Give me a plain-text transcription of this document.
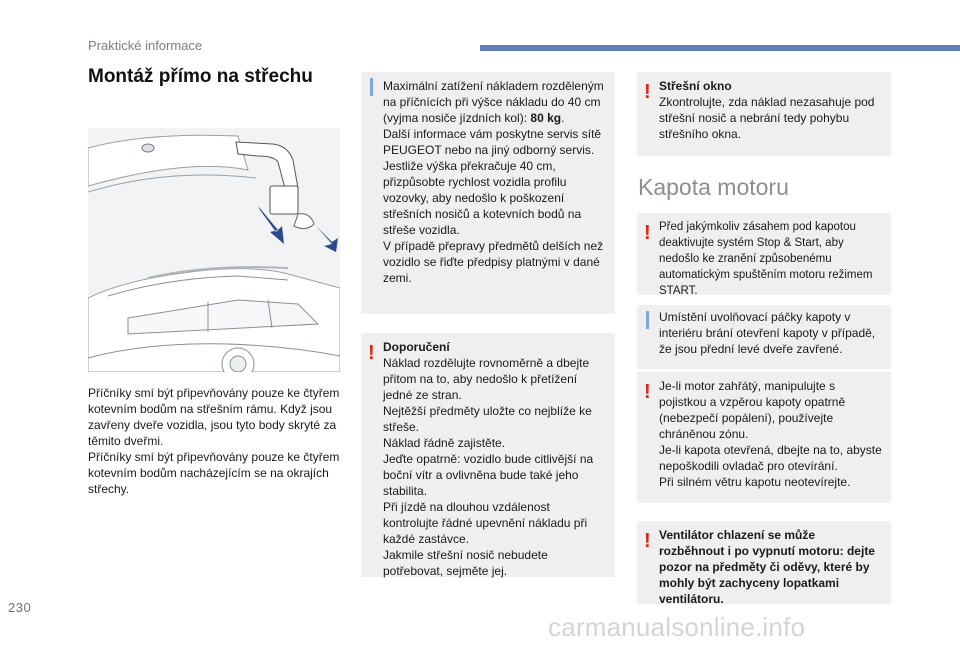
Praktické informace
Montáž přímo na střechu

Příčníky smí být připevňovány pouze ke čtyřem kotevním bodům na střešním rámu. Když jsou zavřeny dveře vozidla, jsou tyto body skryté za těmito dveřmi.

Příčníky smí být připevňovány pouze ke čtyřem kotevním bodům nacházejícím se na okrajích střechy.

Maximální zatížení nákladem rozděleným na příčnících při výšce nákladu do 40 cm (vyjma nosiče jízdních kol): 80 kg.

Další informace vám poskytne servis sítě PEUGEOT nebo na jiný odborný servis.

Jestliže výška překračuje 40 cm, přizpůsobte rychlost vozidla profilu vozovky, aby nedošlo k poškození střešních nosičů a kotevních bodů na střeše vozidla.

V případě přepravy předmětů delších než vozidlo se řiďte předpisy platnými v dané zemi.

! Doporučení

Náklad rozdělujte rovnoměrně a dbejte přitom na to, aby nedošlo k přetížení jedné ze stran.

Nejtěžší předměty uložte co nejblíže ke střeše.

Náklad řádně zajistěte.

Jeďte opatrně: vozidlo bude citlivější na boční vítr a ovlivněna bude také jeho stabilita.

Při jízdě na dlouhou vzdálenost kontrolujte řádné upevnění nákladu při každé zastávce.

Jakmile střešní nosič nebudete potřebovat, sejměte jej.

! Střešní okno

Zkontrolujte, zda náklad nezasahuje pod střešní nosič a nebrání tedy pohybu střešního okna.

Kapota motoru
! Před jakýmkoliv zásahem pod kapotou deaktivujte systém Stop & Start, aby nedošlo ke zranění způsobenému automatickým spuštěním motoru režimem START.

Umístění uvolňovací páčky kapoty v interiéru brání otevření kapoty v případě, že jsou přední levé dveře zavřené.

! Je-li motor zahřátý, manipulujte s pojistkou a vzpěrou kapoty opatrně (nebezpečí popálení), používejte chráněnou zónu.

Je-li kapota otevřená, dbejte na to, abyste nepoškodili ovladač pro otevírání.

Při silném větru kapotu neotevírejte.

! Ventilátor chlazení se může rozběhnout i po vypnutí motoru: dejte pozor na předměty či oděvy, které by mohly být zachyceny lopatkami ventilátoru.

230
carmanualsonline.info
